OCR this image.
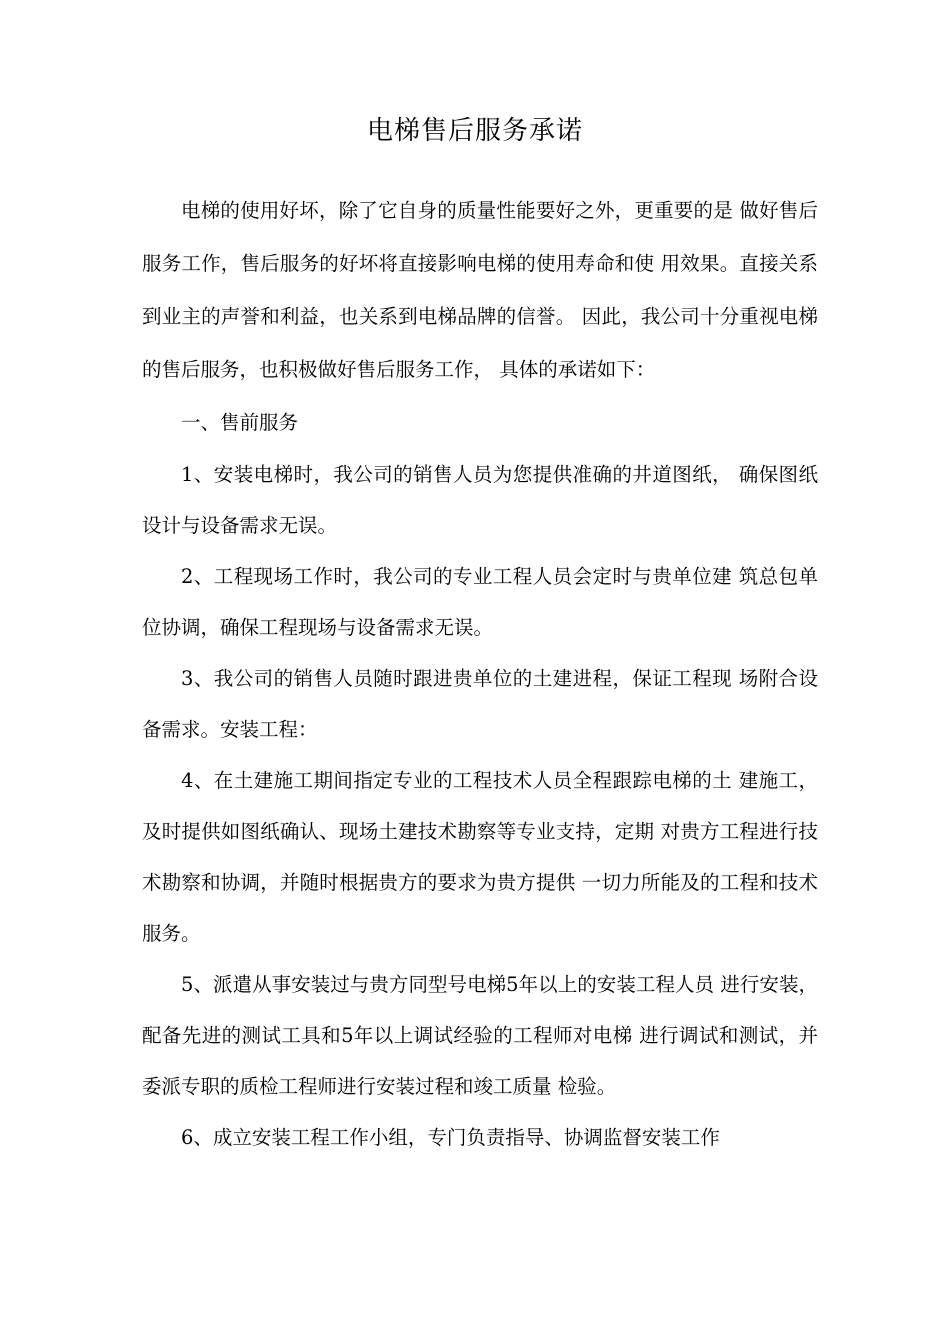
电梯售后服务承诺

电梯的使用好坏，除了它自身的质量性能要好之外，更重要的是 做好售后服务工作，售后服务的好坏将直接影响电梯的使用寿命和使 用效果。直接关系到业主的声誉和利益，也关系到电梯品牌的信誉。 因此，我公司十分重视电梯的售后服务，也积极做好售后服务工作， 具体的承诺如下：

一、售前服务

1、安装电梯时，我公司的销售人员为您提供准确的井道图纸， 确保图纸设计与设备需求无误。

2、工程现场工作时，我公司的专业工程人员会定时与贵单位建 筑总包单位协调，确保工程现场与设备需求无误。

3、我公司的销售人员随时跟进贵单位的土建进程，保证工程现 场附合设备需求。安装工程：

4、在土建施工期间指定专业的工程技术人员全程跟踪电梯的土 建施工，及时提供如图纸确认、现场土建技术勘察等专业支持，定期 对贵方工程进行技术勘察和协调，并随时根据贵方的要求为贵方提供 一切力所能及的工程和技术服务。

5、派遣从事安装过与贵方同型号电梯5年以上的安装工程人员 进行安装，配备先进的测试工具和5年以上调试经验的工程师对电梯 进行调试和测试，并委派专职的质检工程师进行安装过程和竣工质量 检验。

6、成立安装工程工作小组，专门负责指导、协调监督安装工作
